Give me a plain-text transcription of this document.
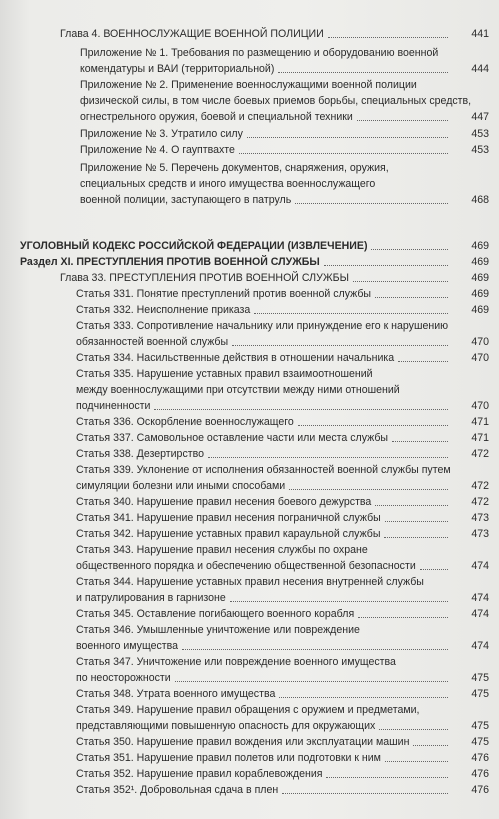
Глава 4. ВОЕННОСЛУЖАЩИЕ ВОЕННОЙ ПОЛИЦИИ	441
Приложение № 1. Требования по размещению и оборудованию военной
комендатуры и ВАИ (территориальной)	444
Приложение № 2. Применение военнослужащими военной полиции
физической силы, в том числе боевых приемов борьбы, специальных средств,
огнестрельного оружия, боевой и специальной техники	447
Приложение № 3. Утратило силу	453
Приложение № 4. О гауптвахте	453
Приложение № 5. Перечень документов, снаряжения, оружия,
специальных средств и иного имущества военнослужащего
военной полиции, заступающего в патруль	468
УГОЛОВНЫЙ КОДЕКС РОССИЙСКОЙ ФЕДЕРАЦИИ (ИЗВЛЕЧЕНИЕ)	469
Раздел XI. ПРЕСТУПЛЕНИЯ ПРОТИВ ВОЕННОЙ СЛУЖБЫ	469
Глава 33. ПРЕСТУПЛЕНИЯ ПРОТИВ ВОЕННОЙ СЛУЖБЫ	469
Статья 331. Понятие преступлений против военной службы	469
Статья 332. Неисполнение приказа	469
Статья 333. Сопротивление начальнику или принуждение его к нарушению
обязанностей военной службы	470
Статья 334. Насильственные действия в отношении начальника	470
Статья 335. Нарушение уставных правил взаимоотношений
между военнослужащими при отсутствии между ними отношений
подчиненности	470
Статья 336. Оскорбление военнослужащего	471
Статья 337. Самовольное оставление части или места службы	471
Статья 338. Дезертирство	472
Статья 339. Уклонение от исполнения обязанностей военной службы путем
симуляции болезни или иными способами	472
Статья 340. Нарушение правил несения боевого дежурства	472
Статья 341. Нарушение правил несения пограничной службы	473
Статья 342. Нарушение уставных правил караульной службы	473
Статья 343. Нарушение правил несения службы по охране
общественного порядка и обеспечению общественной безопасности	474
Статья 344. Нарушение уставных правил несения внутренней службы
и патрулирования в гарнизоне	474
Статья 345. Оставление погибающего военного корабля	474
Статья 346. Умышленные уничтожение или повреждение
военного имущества	474
Статья 347. Уничтожение или повреждение военного имущества
по неосторожности	475
Статья 348. Утрата военного имущества	475
Статья 349. Нарушение правил обращения с оружием и предметами,
представляющими повышенную опасность для окружающих	475
Статья 350. Нарушение правил вождения или эксплуатации машин	475
Статья 351. Нарушение правил полетов или подготовки к ним	476
Статья 352. Нарушение правил кораблевождения	476
Статья 352¹. Добровольная сдача в плен	476
